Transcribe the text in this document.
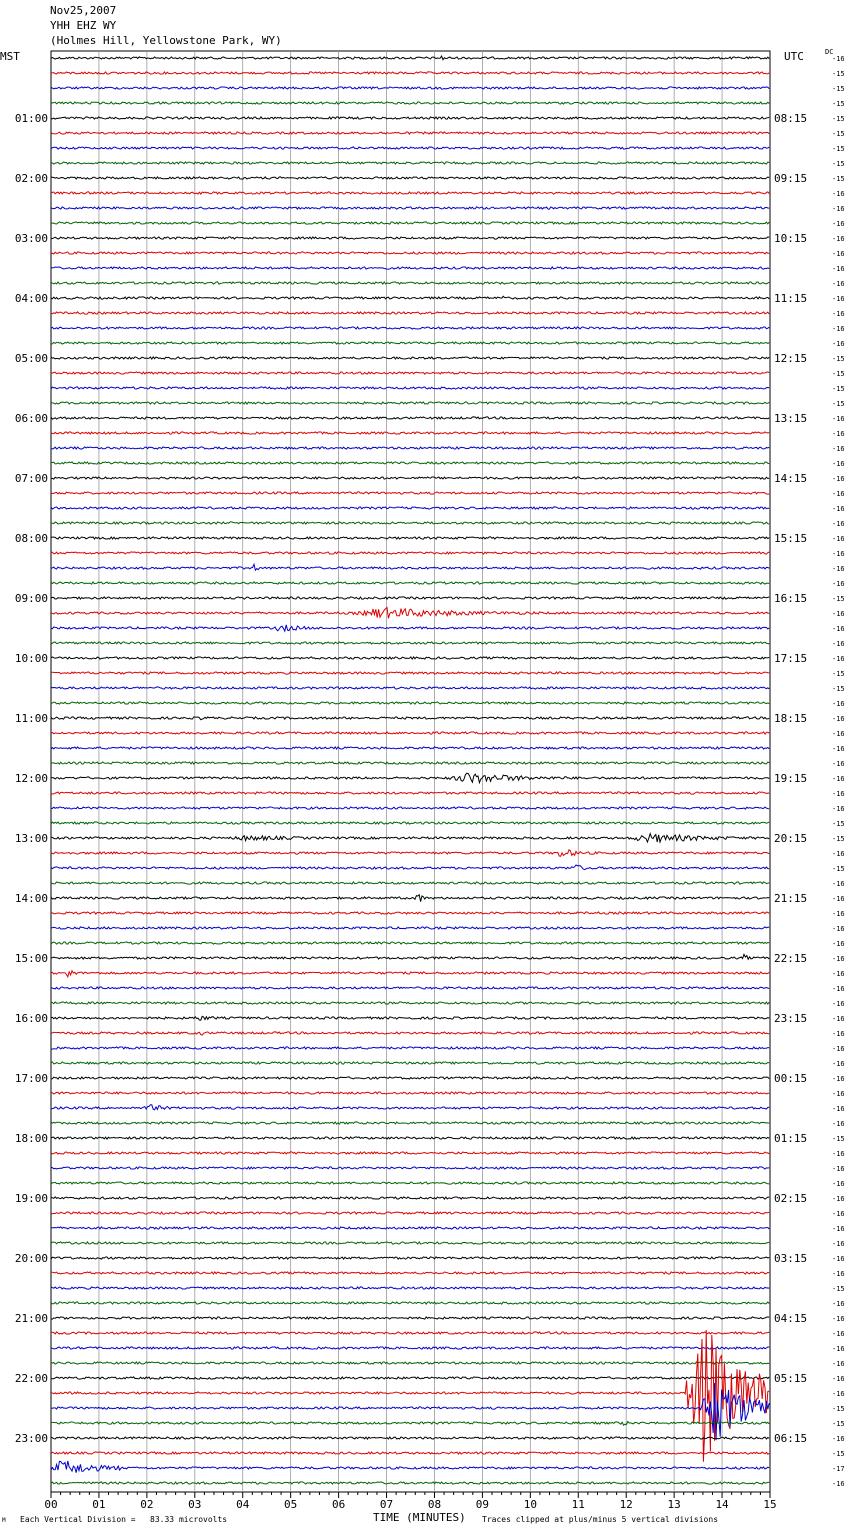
Nov25,2007
YHH EHZ WY
(Holmes Hill, Yellowstone Park, WY)
MST	UTC	DC
00	01	02	03	04	05	06	07	08	09	10	11	12	13	14	15
-16
-15
-15
-15
-15
-15
-15
-15
-15
-16
-16
-16
-16
-16
-16
-16
-16
-16
-16
-16
-15
-15
-15
-15
-16
-16
-16
-16
-16
-16
-16
-16
-16
-16
-16
-16
-15
-16
-16
-16
-16
-15
-15
-16
-16
-16
-16
-16
-16
-16
-16
-15
-15
-16
-15
-16
-16
-16
-16
-16
-16
-16
-16
-16
-16
-16
-16
-16
-16
-16
-16
-16
-15
-16
-16
-16
-16
-16
-16
-16
-16
-16
-15
-16
-16
-16
-16
-16
-16
-16
-15
-15
-16
-15
-17
-16
01:00
02:00
03:00
04:00
05:00
06:00
07:00
08:00
09:00
10:00
11:00
12:00
13:00
14:00
15:00
16:00
17:00
18:00
19:00
20:00
21:00
22:00
23:00
08:15
09:15
10:15
11:15
12:15
13:15
14:15
15:15
16:15
17:15
18:15
19:15
20:15
21:15
22:15
23:15
00:15
01:15
02:15
03:15
04:15
05:15
06:15
TIME (MINUTES)
Each Vertical Division =   83.33 microvolts	Traces clipped at plus/minus 5 vertical divisions
M
